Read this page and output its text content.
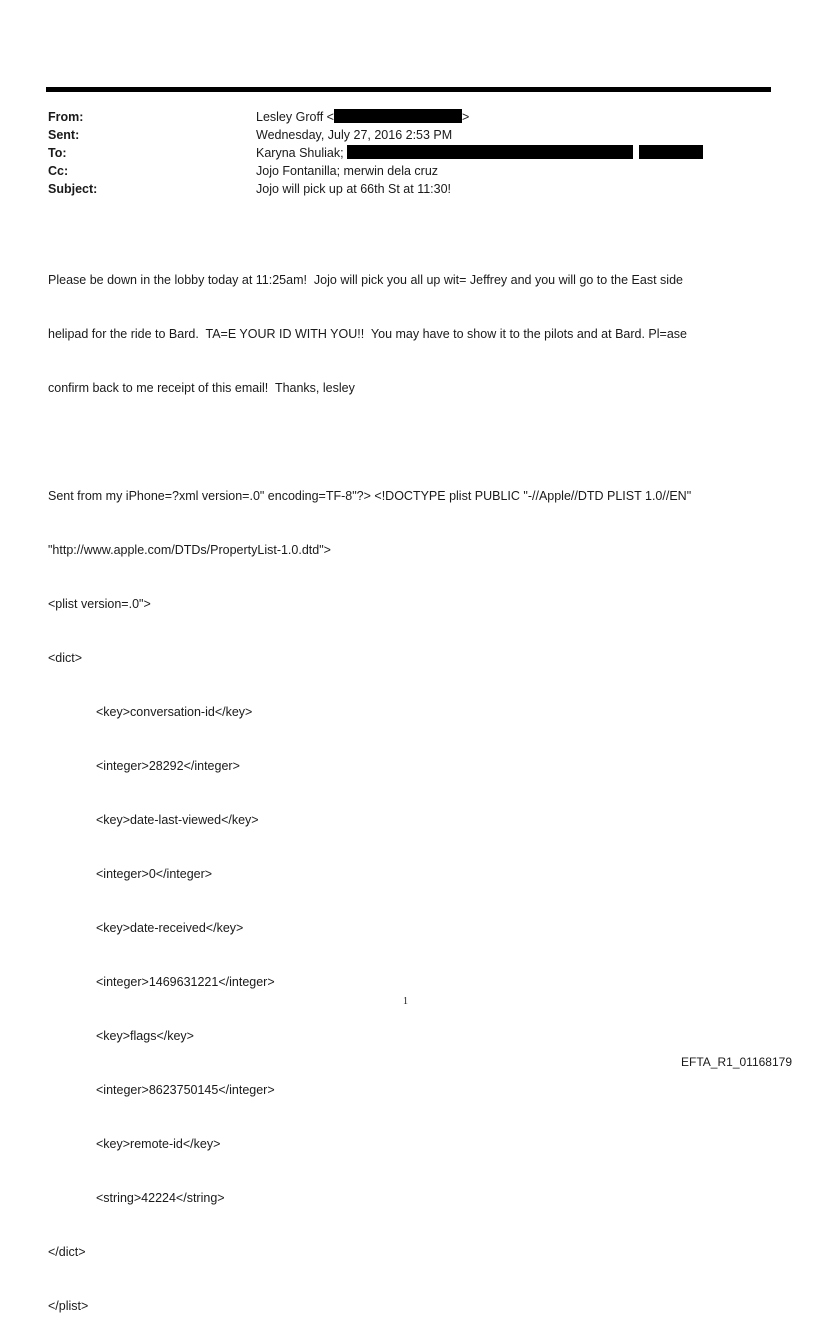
From:	Lesley Groff <	>
Sent:	Wednesday, July 27, 2016 2:53 PM
To:	Karyna Shuliak;
Cc:	Jojo Fontanilla; merwin dela cruz
Subject:	Jojo will pick up at 66th St at 11:30!

Please be down in the lobby today at 11:25am!  Jojo will pick you all up wit= Jeffrey and you will go to the East side

helipad for the ride to Bard.  TA=E YOUR ID WITH YOU!!  You may have to show it to the pilots and at Bard. Pl=ase

confirm back to me receipt of this email!  Thanks, lesley

Sent from my iPhone=?xml version=.0" encoding=TF-8"?> <!DOCTYPE plist PUBLIC "-//Apple//DTD PLIST 1.0//EN"

"http://www.apple.com/DTDs/PropertyList-1.0.dtd">

<plist version=.0">

<dict>

<key>conversation-id</key>

<integer>28292</integer>

<key>date-last-viewed</key>

<integer>0</integer>

<key>date-received</key>

<integer>1469631221</integer>

<key>flags</key>

<integer>8623750145</integer>

<key>remote-id</key>

<string>42224</string>

</dict>

</plist>

1
EFTA_R1_01168179
